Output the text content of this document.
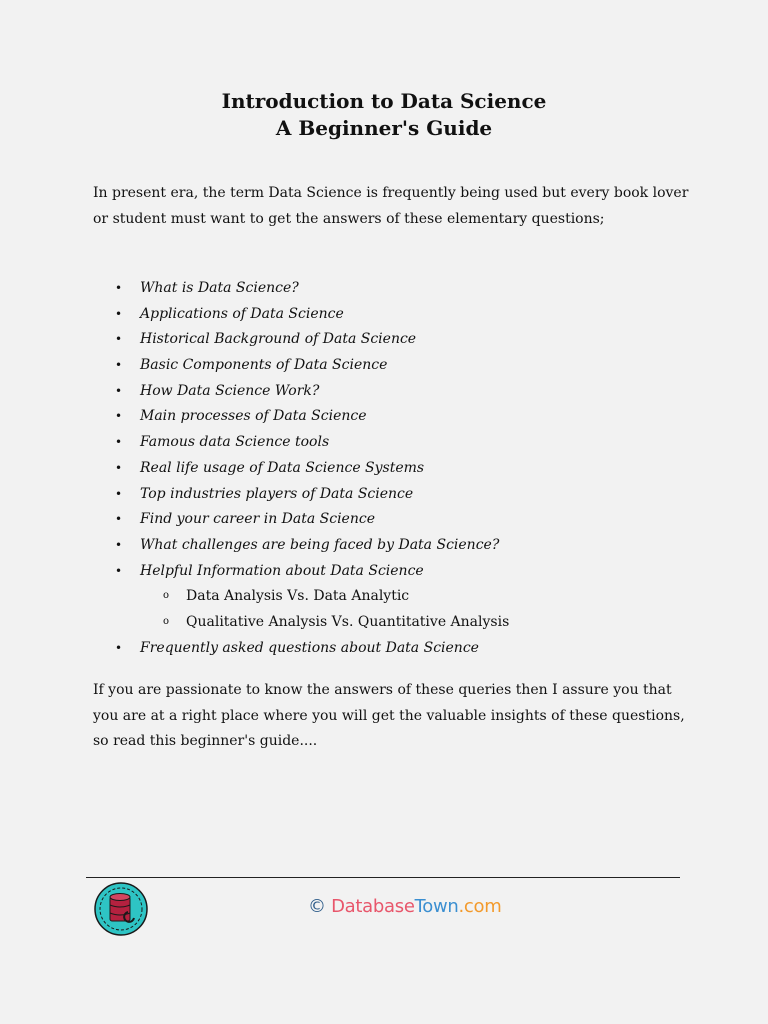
Introduction to Data Science
A Beginner's Guide

In present era, the term Data Science is frequently being used but every book lover or student must want to get the answers of these elementary questions;

• What is Data Science?
• Applications of Data Science
• Historical Background of Data Science
• Basic Components of Data Science
• How Data Science Work?
• Main processes of Data Science
• Famous data Science tools
• Real life usage of Data Science Systems
• Top industries players of Data Science
• Find your career in Data Science
• What challenges are being faced by Data Science?
• Helpful Information about Data Science
o Data Analysis Vs. Data Analytic
o Qualitative Analysis Vs. Quantitative Analysis
• Frequently asked questions about Data Science

If you are passionate to know the answers of these queries then I assure you that you are at a right place where you will get the valuable insights of these questions, so read this beginner's guide....

© DatabaseTown.com
